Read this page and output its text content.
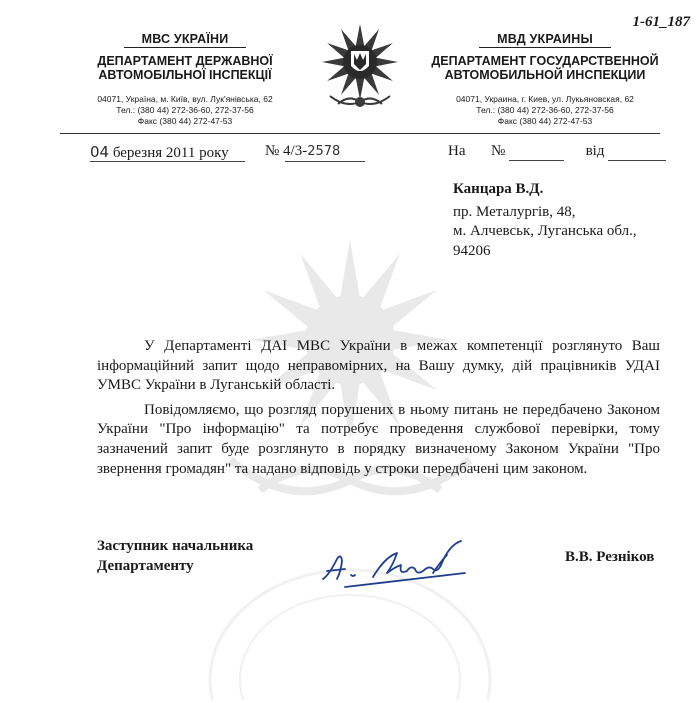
1-61_187
МВС УКРАЇНИ
ДЕПАРТАМЕНТ ДЕРЖАВНОЇ
АВТОМОБІЛЬНОЇ ІНСПЕКЦІЇ
04071, Україна, м. Київ, вул. Лук'янівська, 62
Тел.: (380 44) 272-36-60, 272-37-56
Факс (380 44) 272-47-53
МВД УКРАИНЫ
ДЕПАРТАМЕНТ ГОСУДАРСТВЕННОЙ
АВТОМОБИЛЬНОЙ ИНСПЕКЦИИ
04071, Украина, г. Киев, ул. Лукьяновская, 62
Тел.: (380 44) 272-36-60, 272-37-56
Факс (380 44) 272-47-53
04 березня 2011 року № 4/3-2578	На №	від
Канцара В.Д.
пр. Металургів, 48,
м. Алчевськ, Луганська обл.,
94206

У Департаменті ДАІ МВС України в межах компетенції розглянуто Ваш інформаційний запит щодо неправомірних, на Вашу думку, дій працівників УДАІ УМВС України в Луганській області.

Повідомляємо, що розгляд порушених в ньому питань не передбачено Законом України "Про інформацію" та потребує проведення службової перевірки, тому зазначений запит буде розглянуто в порядку визначеному Законом України "Про звернення громадян" та надано відповідь у строки передбачені цим законом.

Заступник начальника
Департаменту
В.В. Резніков
